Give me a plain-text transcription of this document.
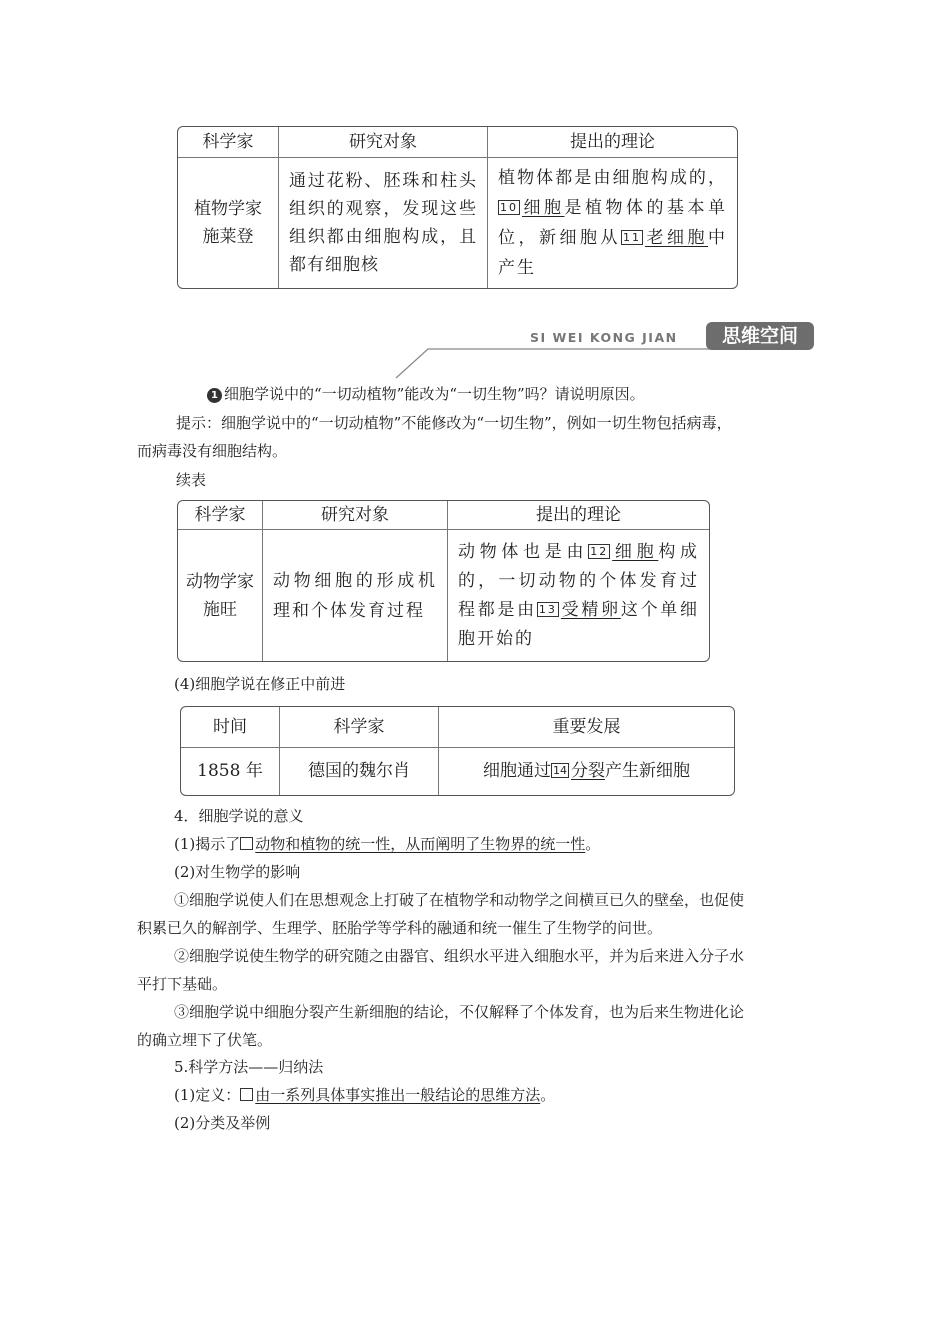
科学家	研究对象	提出的理论

植物学家
施莱登	通过花粉、胚珠和柱头组织的观察，发现这些组织都由细胞构成，且都有细胞核	植物体都是由细胞构成的，10 细胞是植物体的基本单位，新细胞从 11 老细胞中产生
SI WEI KONG JIAN	思维空间
1 细胞学说中的“一切动植物”能改为“一切生物”吗？请说明原因。
提示：细胞学说中的“一切动植物”不能修改为“一切生物”，例如一切生物包括病毒，
而病毒没有细胞结构。
续表
科学家	研究对象	提出的理论

动物学家
施旺	动物细胞的形成机理和个体发育过程	动物体也是由 12 细胞构成的，一切动物的个体发育过程都是由 13 受精卵这个单细胞开始的
(4)细胞学说在修正中前进
时间	科学家	重要发展
1858 年	德国的魏尔肖	细胞通过 14 分裂产生新细胞
4．细胞学说的意义
(1)揭示了 动物和植物的统一性，从而阐明了生物界的统一性。
(2)对生物学的影响
①细胞学说使人们在思想观念上打破了在植物学和动物学之间横亘已久的壁垒，也促使
积累已久的解剖学、生理学、胚胎学等学科的融通和统一催生了生物学的问世。
②细胞学说使生物学的研究随之由器官、组织水平进入细胞水平，并为后来进入分子水
平打下基础。
③细胞学说中细胞分裂产生新细胞的结论，不仅解释了个体发育，也为后来生物进化论
的确立埋下了伏笔。
5.科学方法——归纳法
(1)定义： 由一系列具体事实推出一般结论的思维方法。
(2)分类及举例
